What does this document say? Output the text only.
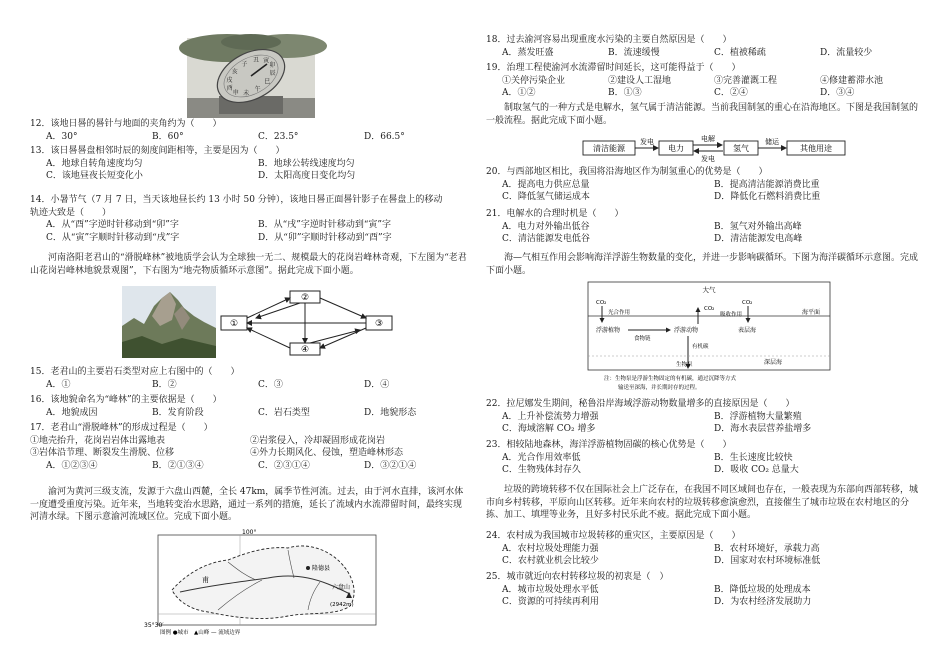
子
丑 寅
卯
辰
巳
午
未
申
酉
戌
亥
12．该地日晷的晷针与地面的夹角约为（　　）
A．30°	B．60°	C．23.5°	D．66.5°
13．该日晷晷盘相邻时辰的刻度间距相等，主要是因为（　　）
A．地球自转角速度均匀	B．地球公转线速度均匀
C．该地昼夜长短变化小	D．太阳高度日变化均匀
14．小暑节气（7 月 7 日，当天该地昼长约 13 小时 50 分钟），该地日晷正面晷针影子在晷盘上的移动
轨迹大致是（　　）
A．从“酉”字逆时针移动到“卯”字	B．从“戌”字逆时针移动到“寅”字
C．从“寅”字顺时针移动到“戌”字	D．从“卯”字顺时针移动到“酉”字
河南洛阳老君山的“滑脱峰林”被地质学会认为全球独一无二、规模最大的花岗岩峰林奇观，下左图为“老君山花岗岩峰林地貌景观图”，下右图为“地壳物质循环示意图”。据此完成下面小题。
①
②
③
④
15．老君山的主要岩石类型对应上右图中的（　　）
A．①	B．②	C．③	D．④
16．该地貌命名为“峰林”的主要依据是（　　）
A．地貌成因	B．发育阶段	C．岩石类型	D．地貌形态
17．老君山“滑脱峰林”的形成过程是（　　）
①地壳抬升，花岗岩岩体出露地表	②岩浆侵入，冷却凝固形成花岗岩
③岩体沿节理、断裂发生滑脱、位移	④外力长期风化、侵蚀，塑造峰林形态
A．①②③④	B．②①③④	C．②③①④	D．③②①④
渝河为黄河三级支流，发源于六盘山西麓，全长 47km，属季节性河流。过去，由于河水直排，该河水体一度遭受重度污染。近年来，当地转变治水思路，通过一系列的措施，延长了流域内水流滞留时间，最终实现河清水绿。下图示意渝河流域区位。完成下面小题。
100°
35°30′
甫
隆德县
六盘山
(2942m)
图例 ●城市　▲山峰 — 流域边界
18．过去渝河容易出现重度水污染的主要自然原因是（　　）
A．蒸发旺盛	B．流速缓慢	C．植被稀疏	D．流量较少
19．治理工程使渝河水流滞留时间延长，这可能得益于（　　）
①关停污染企业	②建设人工湿地	③完善灌溉工程	④修建蓄滞水池
A．①②	B．①③	C．②④	D．③④
制取氢气的一种方式是电解水，氢气属于清洁能源。当前我国制氢的重心在沿海地区。下图是我国制氢的一般流程。据此完成下面小题。
清洁能源
发电
电力
电解
发电
氢气
储运
其他用途
20．与西部地区相比，我国将沿海地区作为制氢重心的优势是（　　）
A．提高电力供应总量	B．提高清洁能源消费比重
C．降低氢气储运成本	D．降低化石燃料消费比重
21．电解水的合理时机是（　　）
A．电力对外输出低谷	B．氢气对外输出高峰
C．清洁能源发电低谷	D．清洁能源发电高峰
海—气相互作用会影响海洋浮游生物数量的变化，并进一步影响碳循环。下图为海洋碳循环示意图。完成下面小题。
大气
海平面
CO₂
光合作用
CO₂
CO₂
吸收作用
浮游植物
食物链
浮游动物	表层海
有机碳
深层海
生物泵
注：生物泵是浮游生物固定的有机碳，通过沉降等方式
输送至深海，并长期封存的过程。
22．拉尼娜发生期间，秘鲁沿岸海域浮游动物数量增多的直接原因是（　　）
A．上升补偿流势力增强	B．浮游植物大量繁殖
C．海域溶解 CO₂ 增多	D．海水表层营养盐增多
23．相较陆地森林，海洋浮游植物固碳的核心优势是（　　）
A．光合作用效率低	B．生长速度比较快
C．生物残体封存久	D．吸收 CO₂ 总量大
垃圾的跨境转移不仅在国际社会上广泛存在，在我国不同区域间也存在，一般表现为东部向西部转移，城市向乡村转移，平原向山区转移。近年来向农村的垃圾转移愈演愈烈，直接催生了城市垃圾在农村地区的分拣、加工、填埋等业务，且好多村民乐此不疲。据此完成下面小题。
24．农村成为我国城市垃圾转移的重灾区，主要原因是（　　）
A．农村垃圾处理能力强	B．农村环境好，承载力高
C．农村就业机会比较少	D．国家对农村环境标准低
25．城市就近向农村转移垃圾的初衷是（　）
A．城市垃圾处理水平低	B．降低垃圾的处理成本
C．资源的可持续再利用	D．为农村经济发展助力
